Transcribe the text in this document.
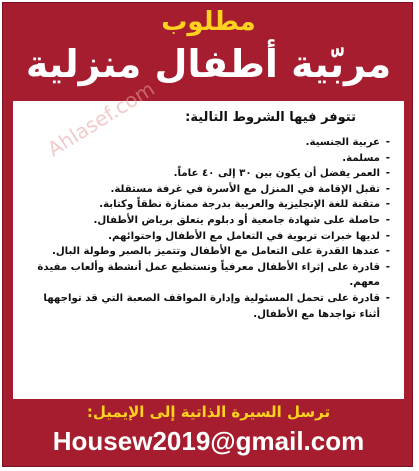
مطلوب
مربّية أطفال منزلية
Ahlasef.com	تتوفر فيها الشروط التالية:
-
عربية الجنسية.
-
مسلمة.
-
العمر يفضل أن يكون بين ٣٠ إلى ٤٠ عاماً.
-
تقبل الإقامة في المنزل مع الأسرة في غرفة مستقلة.
-
متقنة للغة الإنجليزية والعربية بدرجة ممتازة نطقاً وكتابة.
-
حاصلة على شهادة جامعية أو دبلوم يتعلق برياض الأطفال.
-
لديها خبرات تربوية في التعامل مع الأطفال واحتوائهم.
-
عندها القدرة على التعامل مع الأطفال وتتميز بالصبر وطولة البال.
-
قادرة على إثراء الأطفال معرفياً وتستطيع عمل أنشطة وألعاب مفيدة معهم.
-
قادرة على تحمل المسئولية وإدارة المواقف الصعبة التي قد تواجهها أثناء تواجدها مع الأطفال.
ترسل السيرة الذاتية إلى الإيميل:
Housew2019@gmail.com
